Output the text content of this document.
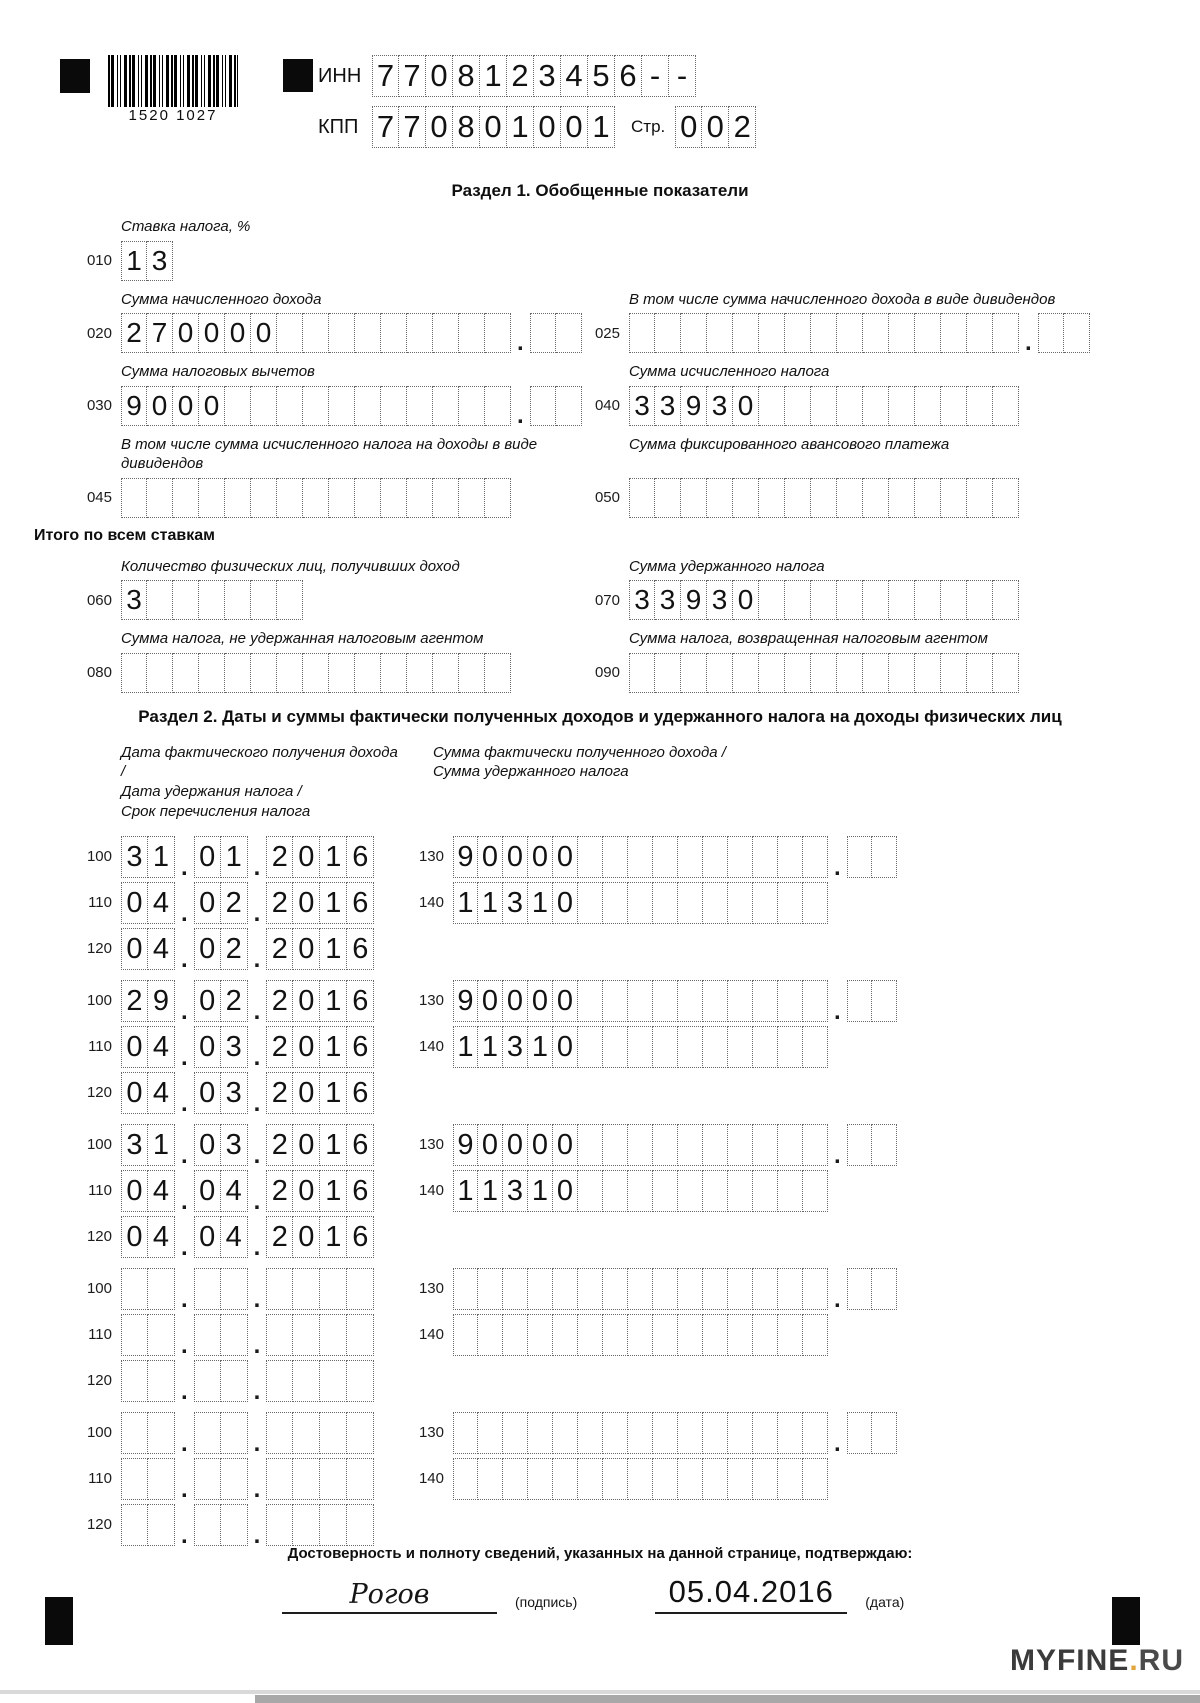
1520 1027
ИНН 7 7 0 8 1 2 3 4 5 6 - -
КПП 7 7 0 8 0 1 0 0 1	Стр. 0 0 2
Раздел 1. Обобщенные показатели
Ставка налога, %
010 1 3
Сумма начисленного дохода
020 2 7 0 0 0 0	.
В том числе сумма начисленного дохода в виде дивидендов
025	.
Сумма налоговых вычетов
030 9 0 0 0	.
Сумма исчисленного налога
040 3 3 9 3 0
В том числе сумма исчисленного налога на доходы в виде дивидендов
045
Сумма фиксированного авансового платежа
050
Итого по всем ставкам
Количество физических лиц, получивших доход
060 3
Сумма удержанного налога
070 3 3 9 3 0
Сумма налога, не удержанная налоговым агентом
080
Сумма налога, возвращенная налоговым агентом
090
Раздел 2. Даты и суммы фактически полученных доходов и удержанного налога на доходы физических лиц
Дата фактического получения дохода /
Дата удержания налога /
Срок перечисления налога
Сумма фактически полученного дохода /
Сумма удержанного налога
100 3 1 . 0 1 . 2 0 1 6	130 9 0 0 0 0	.
110 0 4 . 0 2 . 2 0 1 6	140 1 1 3 1 0
120 0 4 . 0 2 . 2 0 1 6
100 2 9 . 0 2 . 2 0 1 6	130 9 0 0 0 0	.
110 0 4 . 0 3 . 2 0 1 6	140 1 1 3 1 0
120 0 4 . 0 3 . 2 0 1 6
100 3 1 . 0 3 . 2 0 1 6	130 9 0 0 0 0	.
110 0 4 . 0 4 . 2 0 1 6	140 1 1 3 1 0
120 0 4 . 0 4 . 2 0 1 6
100	.	.	130	.
110	.	.	140
120	.	.
100	.	.	130	.
110	.	.	140
120	.	.
Достоверность и полноту сведений, указанных на данной странице, подтверждаю:
Рогов	(подпись)	05.04.2016	(дата)
MYFINE.RU
